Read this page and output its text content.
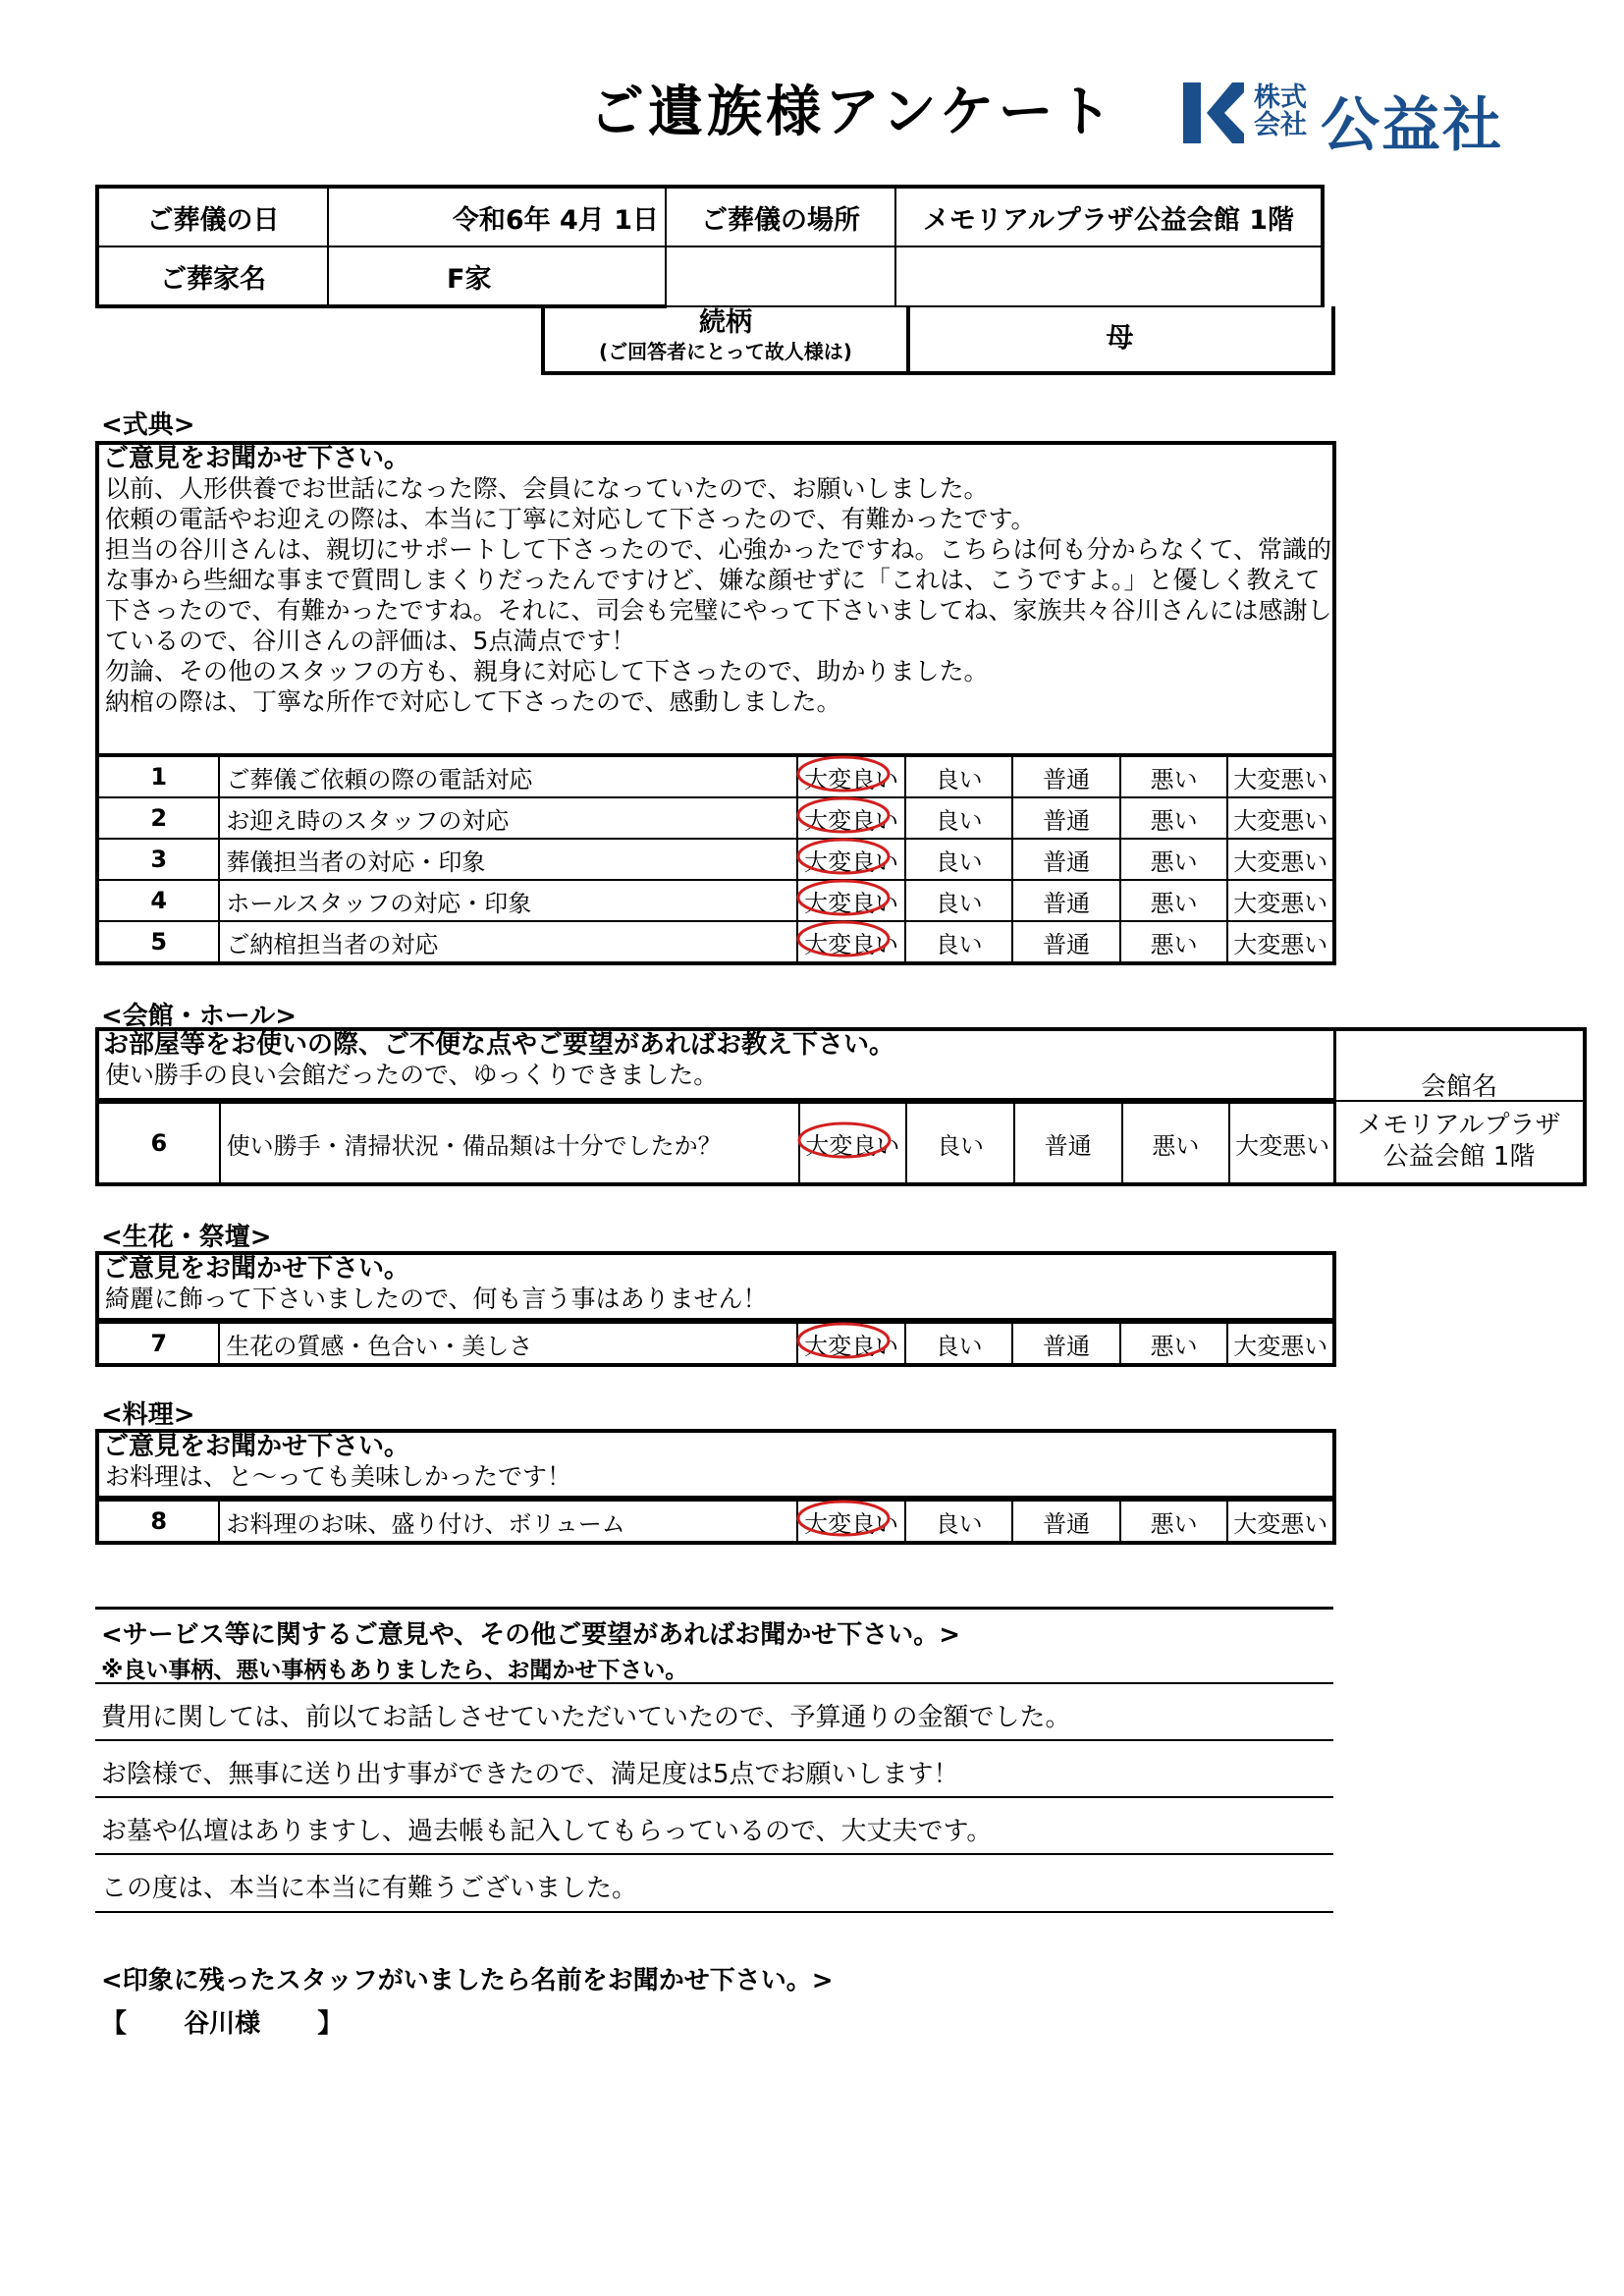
ご遺族様アンケート	株式
会社 公益社
ご葬儀の日	令和6年 4月 1日	ご葬儀の場所	メモリアルプラザ公益会館 1階
ご葬家名	F家		
続柄
(ご回答者にとって故人様は)	母
<式典>
ご意見をお聞かせ下さい。
以前、人形供養でお世話になった際、会員になっていたので、お願いしました。
依頼の電話やお迎えの際は、本当に丁寧に対応して下さったので、有難かったです。
担当の谷川さんは、親切にサポートして下さったので、心強かったですね。こちらは何も分からなくて、常識的な事から些細な事まで質問しまくりだったんですけど、嫌な顔せずに「これは、こうですよ。」と優しく教えて下さったので、有難かったですね。それに、司会も完璧にやって下さいましてね、家族共々谷川さんには感謝しているので、谷川さんの評価は、5点満点です！
勿論、その他のスタッフの方も、親身に対応して下さったので、助かりました。
納棺の際は、丁寧な所作で対応して下さったので、感動しました。
1	ご葬儀ご依頼の際の電話対応	大変良い	良い	普通	悪い	大変悪い
2	お迎え時のスタッフの対応	大変良い	良い	普通	悪い	大変悪い
3	葬儀担当者の対応・印象	大変良い	良い	普通	悪い	大変悪い
4	ホールスタッフの対応・印象	大変良い	良い	普通	悪い	大変悪い
5	ご納棺担当者の対応	大変良い	良い	普通	悪い	大変悪い
<会館・ホール>
お部屋等をお使いの際、ご不便な点やご要望があればお教え下さい。
使い勝手の良い会館だったので、ゆっくりできました。	会館名
6	使い勝手・清掃状況・備品類は十分でしたか？	大変良い	良い	普通	悪い	大変悪い
メモリアルプラザ
公益会館 1階
<生花・祭壇>
ご意見をお聞かせ下さい。
綺麗に飾って下さいましたので、何も言う事はありません！
7	生花の質感・色合い・美しさ	大変良い	良い	普通	悪い	大変悪い
<料理>
ご意見をお聞かせ下さい。
お料理は、と～っても美味しかったです！
8	お料理のお味、盛り付け、ボリューム	大変良い	良い	普通	悪い	大変悪い
<サービス等に関するご意見や、その他ご要望があればお聞かせ下さい。>
※良い事柄、悪い事柄もありましたら、お聞かせ下さい。
費用に関しては、前以てお話しさせていただいていたので、予算通りの金額でした。
お陰様で、無事に送り出す事ができたので、満足度は5点でお願いします！
お墓や仏壇はありますし、過去帳も記入してもらっているので、大丈夫です。
この度は、本当に本当に有難うございました。
<印象に残ったスタッフがいましたら名前をお聞かせ下さい。>
【 谷川様 】
